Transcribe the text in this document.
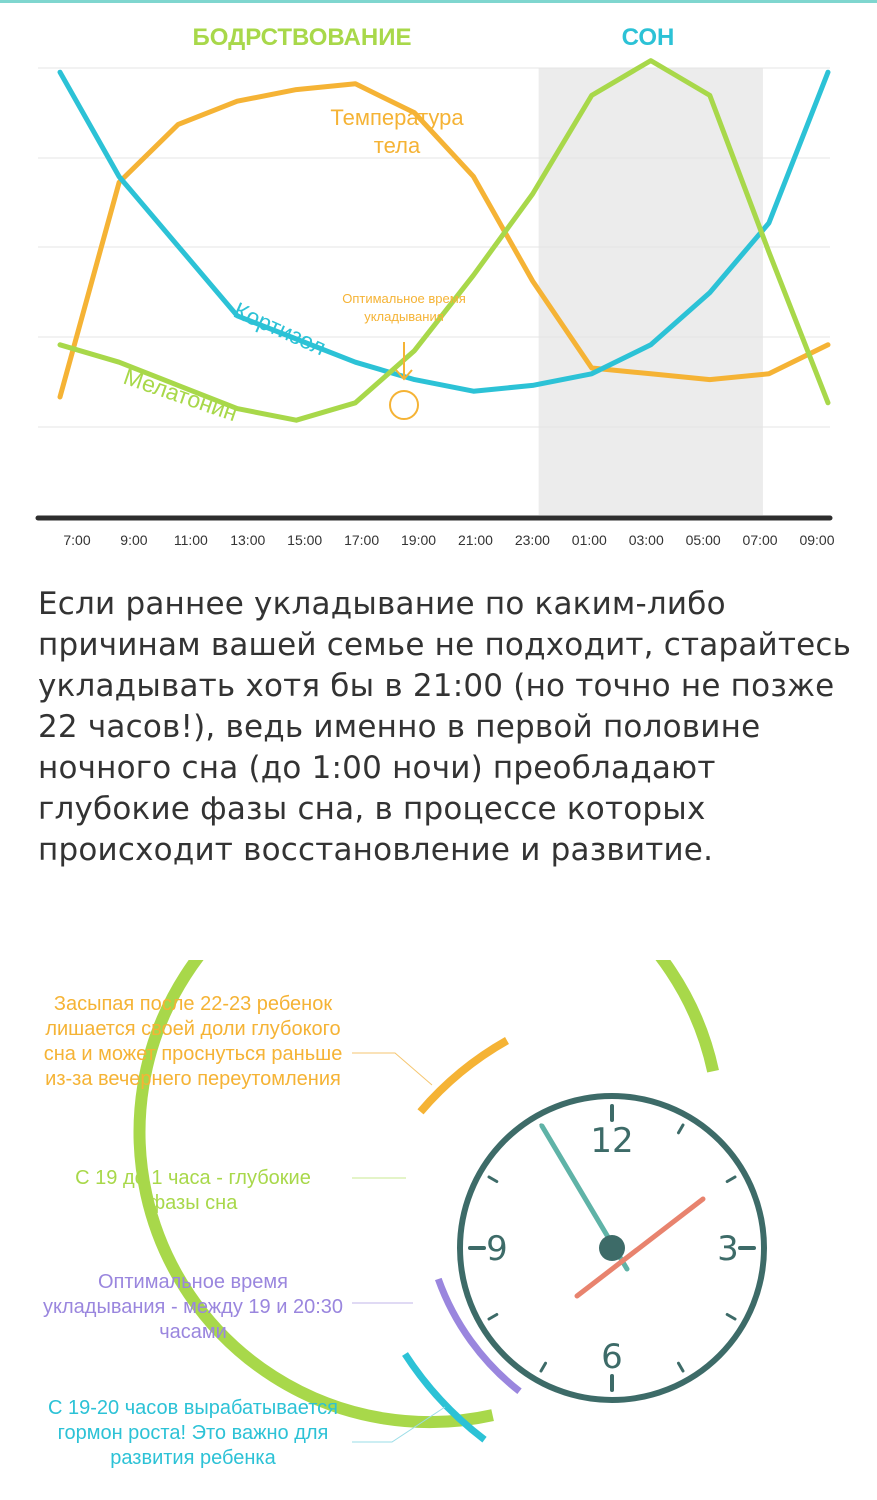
БОДРСТВОВАНИЕ	СОН
Температура тела
Кортизол
Мелатонин
Оптимальное время укладывания
7:00 9:00 11:00 13:00 15:00 17:00 19:00 21:00 23:00 01:00 03:00 05:00 07:00 09:00

Если раннее укладывание по каким-либо причинам вашей семье не подходит, старайтесь укладывать хотя бы в 21:00 (но точно не позже 22 часов!), ведь именно в первой половине ночного сна (до 1:00 ночи) преобладают глубокие фазы сна, в процессе которых происходит восстановление и развитие.

12
3
6
9
Засыпая после 22-23 ребенок лишается своей доли глубокого сна и может проснуться раньше из-за вечернего переутомления
С 19 до 1 часа - глубокие фазы сна
Оптимальное время укладывания - между 19 и 20:30 часами
С 19-20 часов вырабатывается гормон роста! Это важно для развития ребенка
